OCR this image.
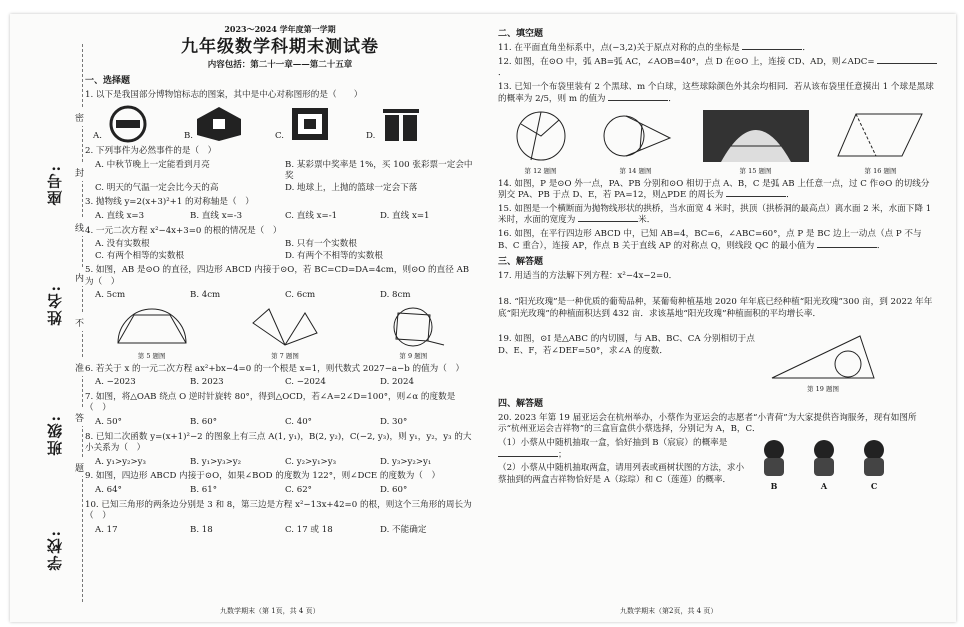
座号:
姓名:
班级:
学校:
密
封
线
内
不
准
答
题
2023～2024 学年度第一学期
九年级数学科期末测试卷
内容包括：第二十一章——第二十五章
一、选择题
1. 以下是我国部分博物馆标志的图案，其中是中心对称图形的是（　　）
A.	B.	C.	D.
2. 下列事件为必然事件的是（　）
A. 中秋节晚上一定能看到月亮	B. 某彩票中奖率是 1%，买 100 张彩票一定会中奖
C. 明天的气温一定会比今天的高	D. 地球上，上抛的篮球一定会下落
3. 抛物线 y=2(x+3)²+1 的对称轴是（　）
A. 直线 x=3	B. 直线 x=-3	C. 直线 x=-1	D. 直线 x=1
4. 一元二次方程 x²−4x+3=0 的根的情况是（　）
A. 没有实数根	B. 只有一个实数根
C. 有两个相等的实数根	D. 有两个不相等的实数根
5. 如图，AB 是⊙O 的直径，四边形 ABCD 内接于⊙O，若 BC=CD=DA=4cm，则⊙O 的直径 AB 为（　）
A. 5cm	B. 4cm	C. 6cm	D. 8cm
第 5 题图	第 7 题图	第 9 题图
6. 若关于 x 的一元二次方程 ax²+bx−4=0 的一个根是 x=1，则代数式 2027−a−b 的值为（　）
A. −2023	B. 2023	C. −2024	D. 2024
7. 如图，将△OAB 绕点 O 逆时针旋转 80°，得到△OCD，若∠A=2∠D=100°，则∠α 的度数是（　）
A. 50°	B. 60°	C. 40°	D. 30°
8. 已知二次函数 y=(x+1)²−2 的图象上有三点 A(1, y₁)，B(2, y₂)，C(−2, y₃)，则 y₁，y₂，y₃ 的大小关系为（　）
A. y₁>y₂>y₃	B. y₁>y₃>y₂	C. y₂>y₁>y₃	D. y₃>y₂>y₁
9. 如图，四边形 ABCD 内接于⊙O，如果∠BOD 的度数为 122°，则∠DCE 的度数为（　）
A. 64°	B. 61°	C. 62°	D. 60°
10. 已知三角形的两条边分别是 3 和 8，第三边是方程 x²−13x+42=0 的根，则这个三角形的周长为（　）
A. 17	B. 18	C. 17 或 18	D. 不能确定
九数学期末（第 1页，共 4 页）
二、填空题
11. 在平面直角坐标系中，点(−3,2)关于原点对称的点的坐标是	．
12. 如图，在⊙O 中，弧 AB=弧 AC，∠AOB=40°，点 D 在⊙O 上，连接 CD、AD，则∠ADC= ．
13. 已知一个布袋里装有 2 个黑球、m 个白球，这些球除颜色外其余均相同．若从该布袋里任意摸出 1 个球是黑球的概率为 2/5，则 m 的值为	．
第 12 题图	第 14 题图	第 15 题图	第 16 题图
14. 如图，P 是⊙O 外一点，PA、PB 分别和⊙O 相切于点 A、B，C 是弧 AB 上任意一点，过 C 作⊙O 的切线分别交 PA、PB 于点 D、E，若 PA=12，则△PDE 的周长为	．
15. 如图是一个横断面为抛物线形状的拱桥，当水面宽 4 米时，拱顶（拱桥洞的最高点）离水面 2 米，水面下降 1 米时，水面的宽度为	米．
16. 如图，在平行四边形 ABCD 中，已知 AB=4，BC=6，∠ABC=60°，点 P 是 BC 边上一动点（点 P 不与 B、C 重合），连接 AP，作点 B 关于直线 AP 的对称点 Q，则线段 QC 的最小值为	．
三、解答题
17. 用适当的方法解下列方程：x²−4x−2=0．
18. “阳光玫瑰”是一种优质的葡萄品种，某葡萄种植基地 2020 年年底已经种植“阳光玫瑰”300 亩，到 2022 年年底“阳光玫瑰”的种植面积达到 432 亩．求该基地“阳光玫瑰”种植面积的平均增长率．
19. 如图，⊙I 是△ABC 的内切圆，与 AB、BC、CA 分别相切于点 D、E、F，若∠DEF=50°，求∠A 的度数．
第 19 题图
四、解答题
20. 2023 年第 19 届亚运会在杭州举办，小蔡作为亚运会的志愿者“小青荷”为大家提供咨询服务，现有如图所示“杭州亚运会吉祥物”的三盒盲盒供小蔡选择，分别记为 A，B，C．
（1）小蔡从中随机抽取一盒，恰好抽到 B（宸宸）的概率是 ；
（2）小蔡从中随机抽取两盒，请用列表或画树状图的方法，求小蔡抽到的两盒吉祥物恰好是 A（琮琮）和 C（莲莲）的概率．
B	A	C
九数学期末（第2页，共 4 页）
